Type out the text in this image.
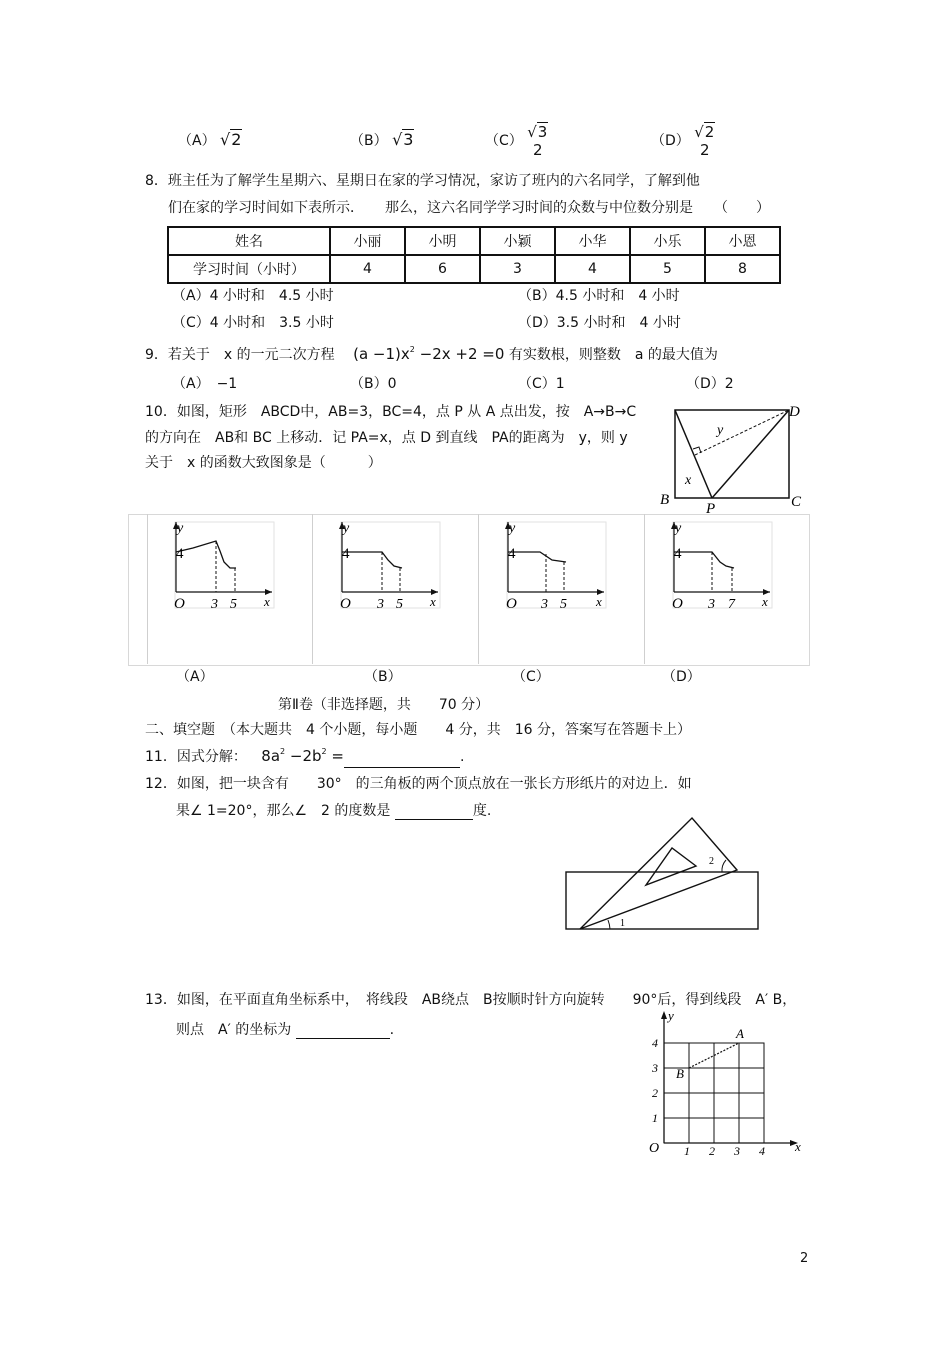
（A） √2	（B） √3	（C） √3
2	（D） √2
2
8．班主任为了解学生星期六、星期日在家的学习情况，家访了班内的六名同学，了解到他
们在家的学习时间如下表所示．　　那么，这六名同学学习时间的众数与中位数分别是　　（　　）
姓名	小丽	小明	小颖	小华	小乐	小恩
学习时间（小时）	4	6	3	4	5	8
（A）4 小时和　4.5 小时	（B）4.5 小时和　4 小时
（C）4 小时和　3.5 小时	（D）3.5 小时和　4 小时
9．若关于　x 的一元二次方程 $(a -1)x^2 -2x +2 =0$ 有实数根，则整数　a 的最大值为
（A）　−1	（B）0	（C）1	（D）2
10．如图，矩形　ABCD中，AB=3，BC=4，点 P 从 A 点出发，按　A→B→C
的方向在　AB和 BC 上移动．记 PA=x，点 D 到直线　PA的距离为　y，则 y
关于　x 的函数大致图象是（　　　）
D
B	C
P
x
y
y
x
4
O 3 5
y
x
4
O 3 5
y
x
4
O 3 5
y
x
4
O 3 7
（A）	（B）	（C）	（D）
第Ⅱ卷（非选择题，共　　70 分）
二、填空题　（本大题共　4 个小题，每小题　　4 分，共　16 分，答案写在答题卡上）
11．因式分解： $8a^2 -2b^2$ =	.
12．如图，把一块含有　　30°　的三角板的两个顶点放在一张长方形纸片的对边上．如
果∠ 1=20°，那么∠　2 的度数是	度.
1
2
13．如图，在平面直角坐标系中，　将线段　AB绕点　B按顺时针方向旋转　　90°后，得到线段　A′ B，
则点　A′ 的坐标为	.
y
x
O 1 2 3 4
1
2
3
4
A
B
2
